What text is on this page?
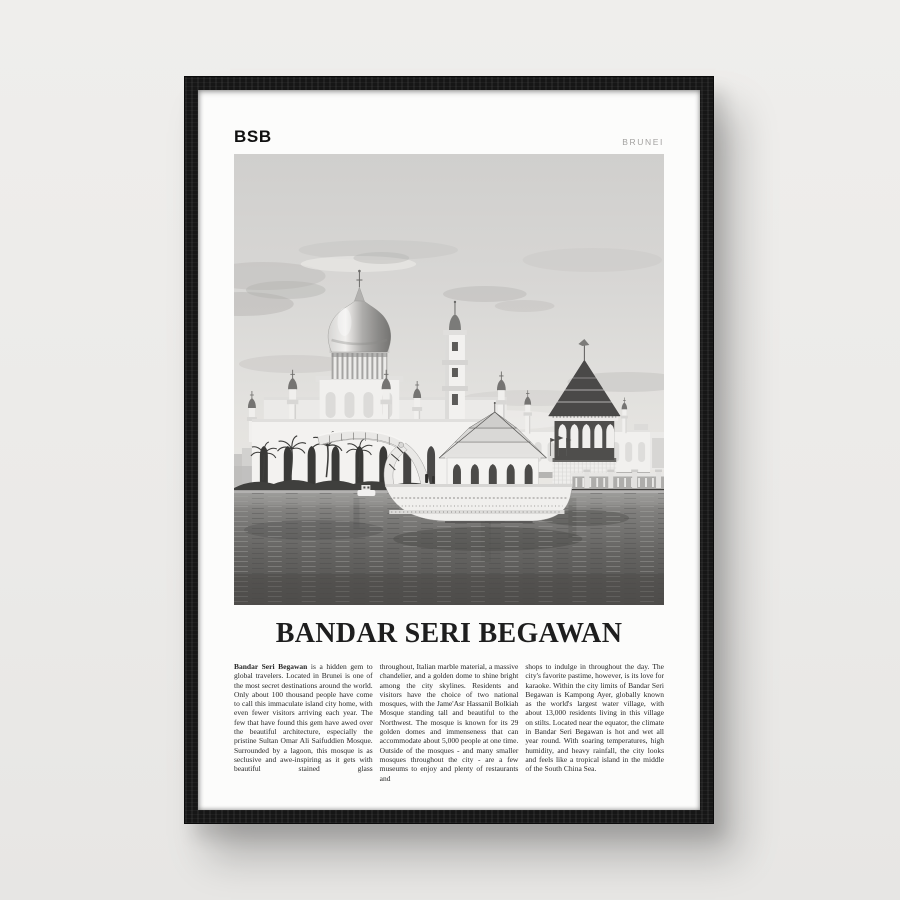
BSB	BRUNEI
BANDAR SERI BEGAWAN

Bandar Seri Begawan is a hidden gem to global travelers. Located in Brunei is one of the most secret destinations around the world. Only about 100 thousand people have come to call this immaculate island city home, with even fewer visitors arriving each year. The few that have found this gem have awed over the beautiful architecture, especially the pristine Sultan Omar Ali Saifuddien Mosque. Surrounded by a lagoon, this mosque is as seclusive and awe-inspiring as it gets with beautiful stained glass

throughout, Italian marble material, a massive chandelier, and a golden dome to shine bright among the city skylines. Residents and visitors have the choice of two national mosques, with the Jame'Asr Hassanil Bolkiah Mosque standing tall and beautiful to the Northwest. The mosque is known for its 29 golden domes and immenseness that can accommodate about 5,000 people at one time. Outside of the mosques - and many smaller mosques throughout the city - are a few museums to enjoy and plenty of restaurants and

shops to indulge in throughout the day. The city's favorite pastime, however, is its love for karaoke. Within the city limits of Bandar Seri Begawan is Kampong Ayer, globally known as the world's largest water village, with about 13,000 residents living in this village on stilts. Located near the equator, the climate in Bandar Seri Begawan is hot and wet all year round. With soaring temperatures, high humidity, and heavy rainfall, the city looks and feels like a tropical island in the middle of the South China Sea.
